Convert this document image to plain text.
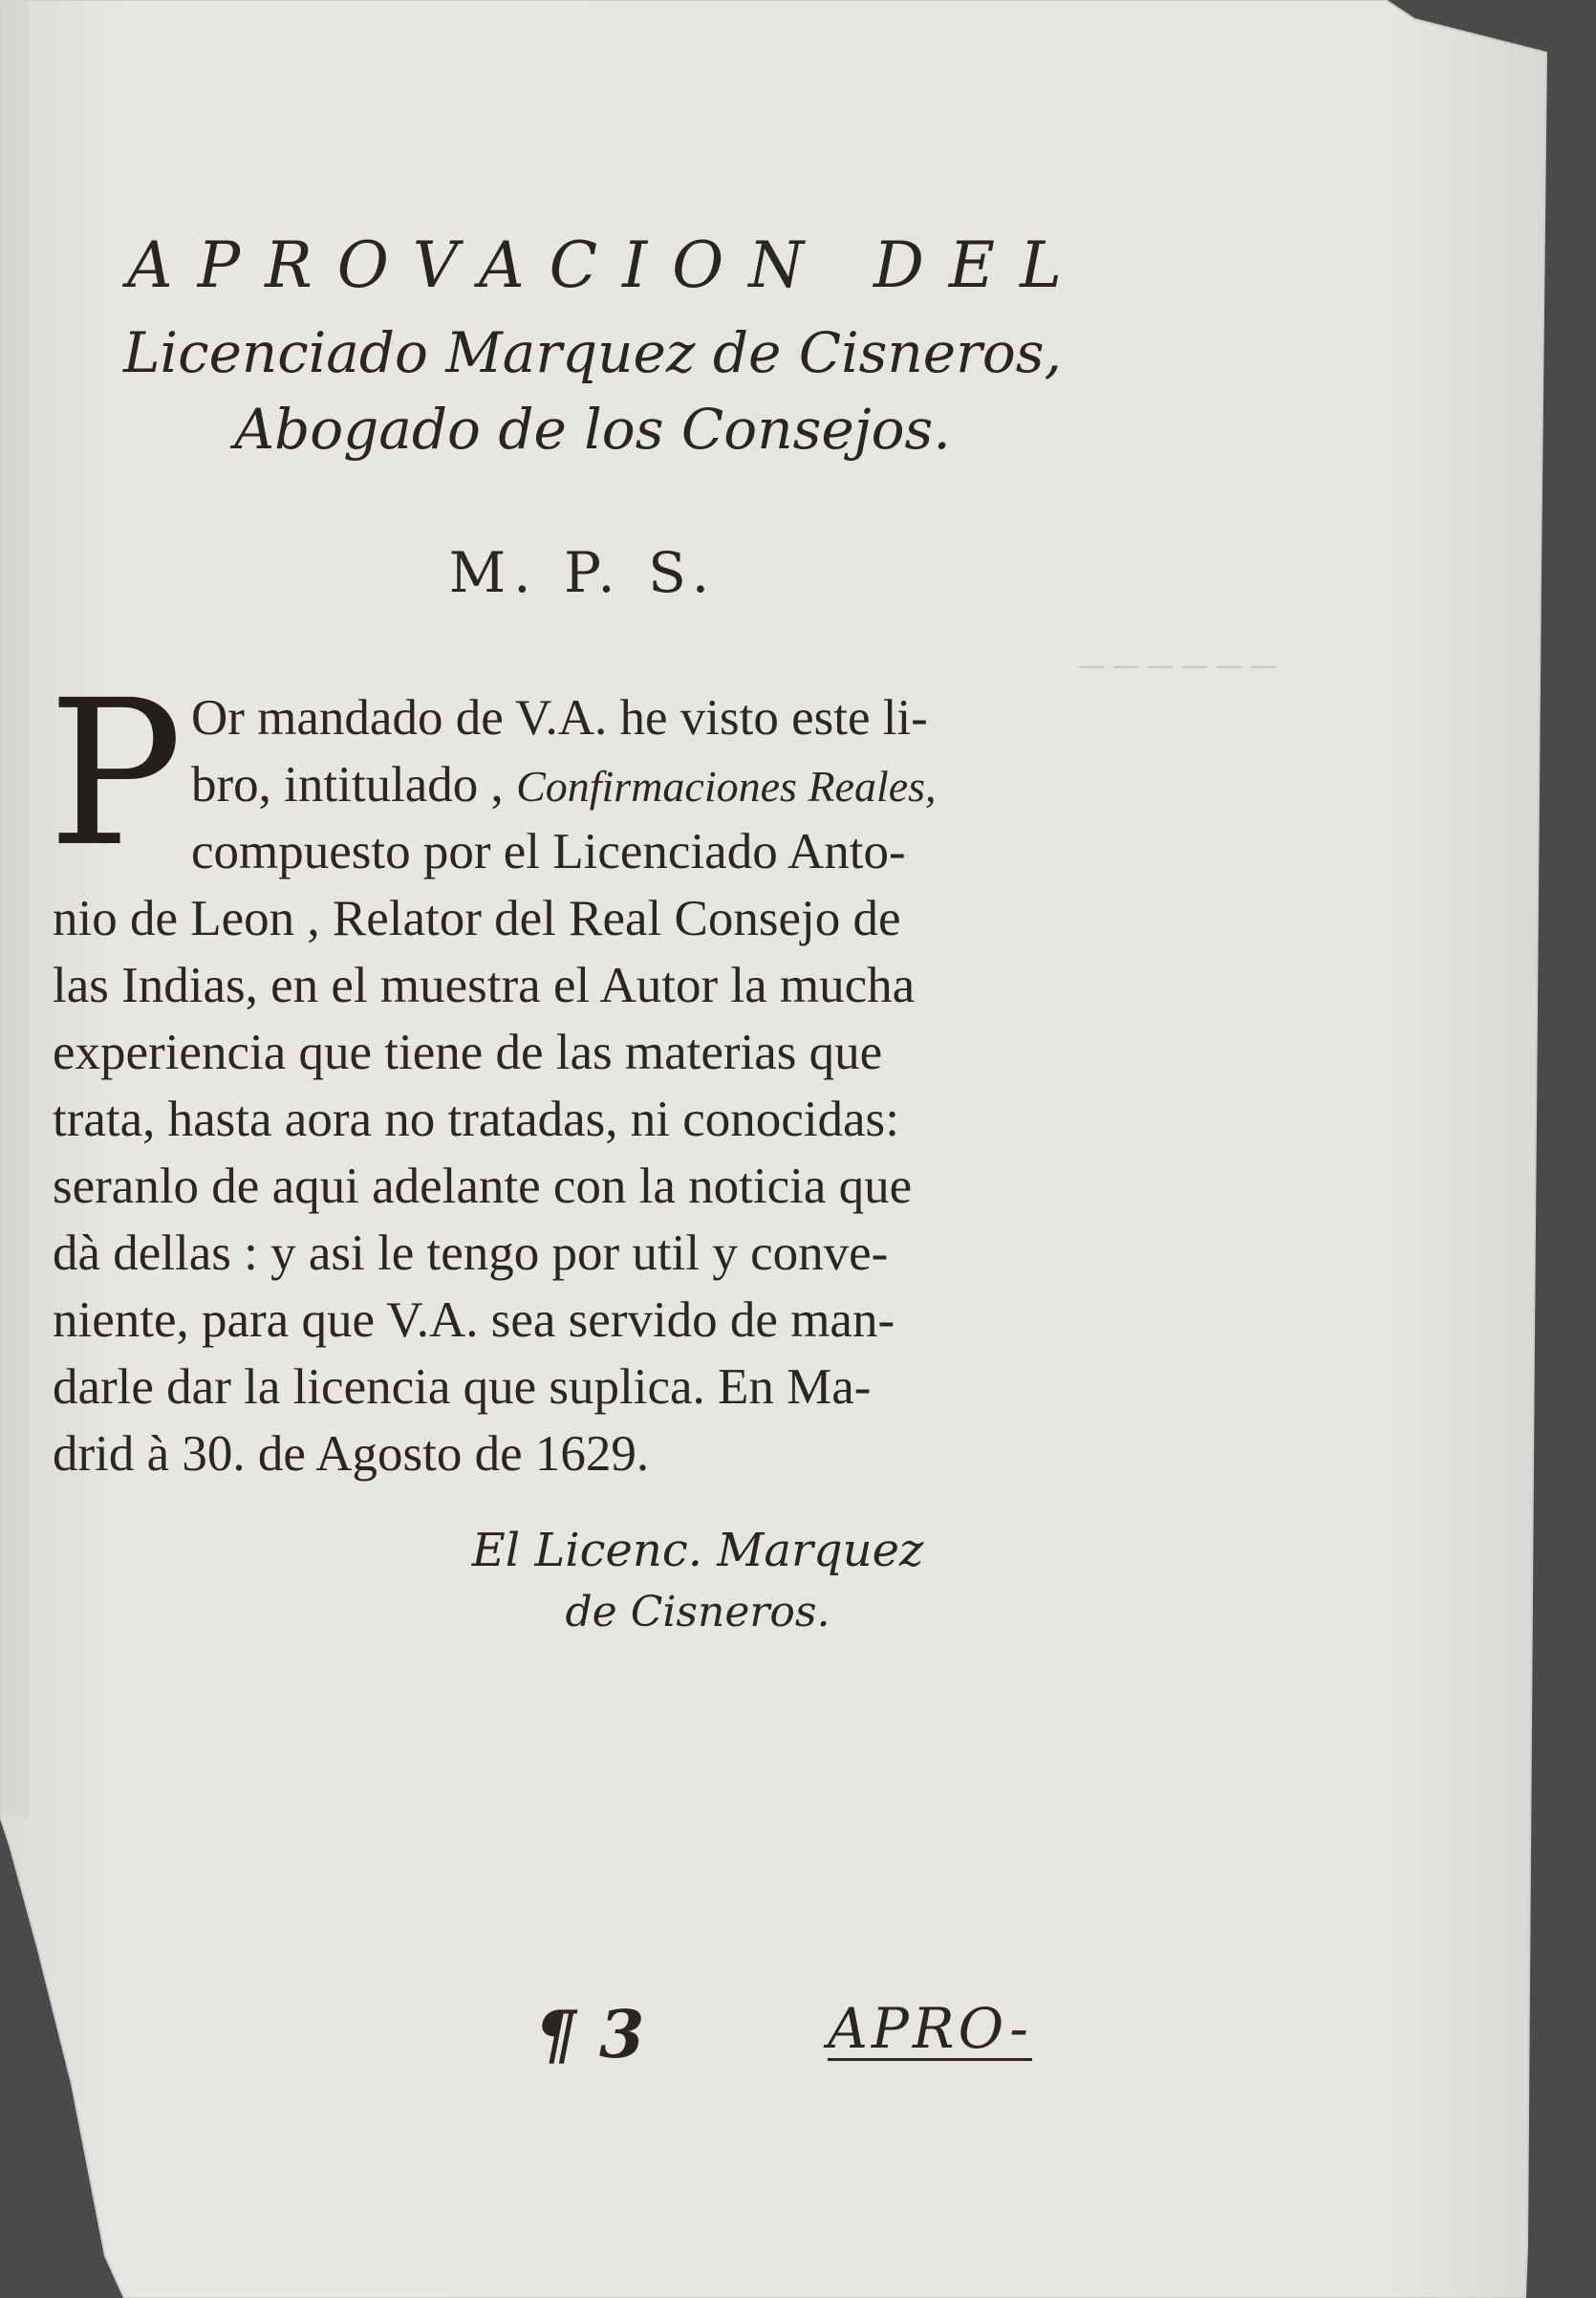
_ _ _ _ _ _
APROVACION DEL
Licenciado Marquez de Cisneros,
Abogado de los Consejos.
M. P. S.
P Or mandado de V.A. he visto este li-
bro, intitulado , Confirmaciones Reales,
compuesto por el Licenciado Anto-
nio de Leon , Relator del Real Consejo de
las Indias, en el muestra el Autor la mucha
experiencia que tiene de las materias que
trata, hasta aora no tratadas, ni conocidas:
seranlo de aqui adelante con la noticia que
dà dellas : y asi le tengo por util y conve-
niente, para que V.A. sea servido de man-
darle dar la licencia que suplica. En Ma-
drid à 30. de Agosto de 1629.
El Licenc. Marquez
de Cisneros.
¶ 3	APRO-
